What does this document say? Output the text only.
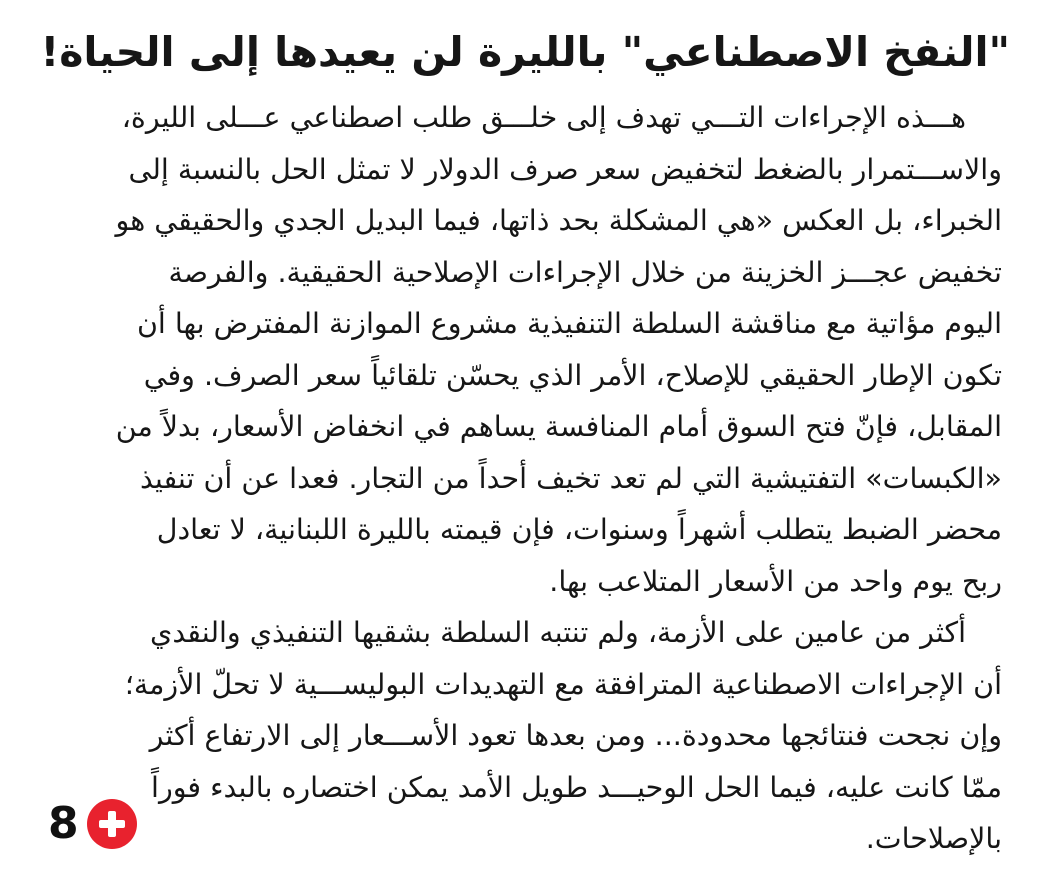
"النفخ الاصطناعي" بالليرة لن يعيدها إلى الحياة!

هـــذه الإجراءات التـــي تهدف إلى خلـــق طلب اصطناعي عـــلى الليرة،
والاســـتمرار بالضغط لتخفيض سعر صرف الدولار لا تمثل الحل بالنسبة إلى
الخبراء، بل العكس «هي المشكلة بحد ذاتها، فيما البديل الجدي والحقيقي هو
تخفيض عجـــز الخزينة من خلال الإجراءات الإصلاحية الحقيقية. والفرصة
اليوم مؤاتية مع مناقشة السلطة التنفيذية مشروع الموازنة المفترض بها أن
تكون الإطار الحقيقي للإصلاح، الأمر الذي يحسّن تلقائياً سعر الصرف. وفي
المقابل، فإنّ فتح السوق أمام المنافسة يساهم في انخفاض الأسعار، بدلاً من
«الكبسات» التفتيشية التي لم تعد تخيف أحداً من التجار. فعدا عن أن تنفيذ
محضر الضبط يتطلب أشهراً وسنوات، فإن قيمته بالليرة اللبنانية، لا تعادل
ربح يوم واحد من الأسعار المتلاعب بها.

أكثر من عامين على الأزمة، ولم تنتبه السلطة بشقيها التنفيذي والنقدي
أن الإجراءات الاصطناعية المترافقة مع التهديدات البوليســـية لا تحلّ الأزمة؛
وإن نجحت فنتائجها محدودة... ومن بعدها تعود الأســـعار إلى الارتفاع أكثر
ممّا كانت عليه، فيما الحل الوحيـــد طويل الأمد يمكن اختصاره بالبدء فوراً
بالإصلاحات.

8
